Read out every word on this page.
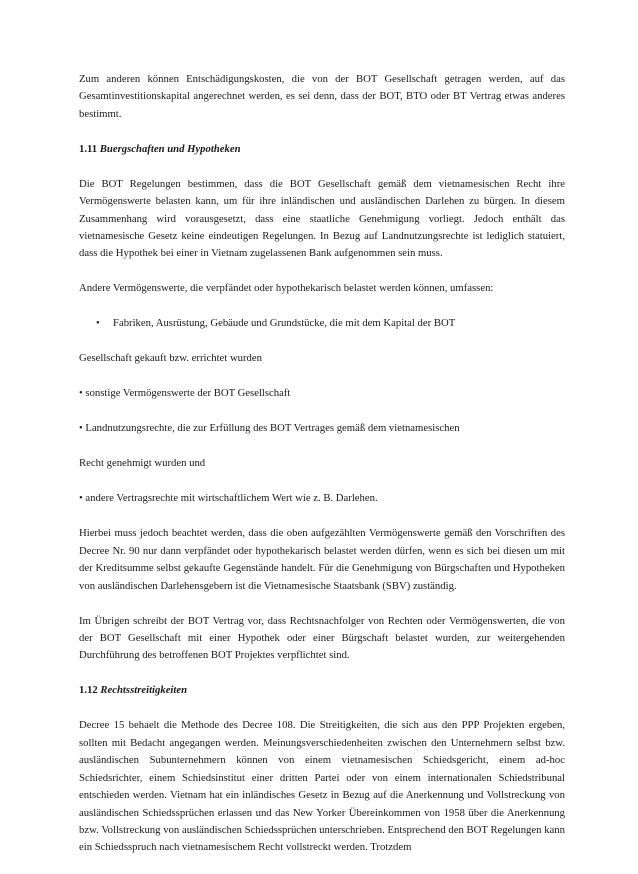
Zum anderen können Entschädigungskosten, die von der BOT Gesellschaft getragen werden, auf das Gesamtinvestitionskapital angerechnet werden, es sei denn, dass der BOT, BTO oder BT Vertrag etwas anderes bestimmt.

1.11 Buergschaften und Hypotheken

Die BOT Regelungen bestimmen, dass die BOT Gesellschaft gemäß dem vietnamesischen Recht ihre Vermögenswerte belasten kann, um für ihre inländischen und ausländischen Darlehen zu bürgen. In diesem Zusammenhang wird vorausgesetzt, dass eine staatliche Genehmigung vorliegt. Jedoch enthält das vietnamesische Gesetz keine eindeutigen Regelungen. In Bezug auf Landnutzungsrechte ist lediglich statuiert, dass die Hypothek bei einer in Vietnam zugelassenen Bank aufgenommen sein muss.

Andere Vermögenswerte, die verpfändet oder hypothekarisch belastet werden können, umfassen:

•	Fabriken, Ausrüstung, Gebäude und Grundstücke, die mit dem Kapital der BOT
Gesellschaft gekauft bzw. errichtet wurden
• sonstige Vermögenswerte der BOT Gesellschaft
• Landnutzungsrechte, die zur Erfüllung des BOT Vertrages gemäß dem vietnamesischen
Recht genehmigt wurden und
• andere Vertragsrechte mit wirtschaftlichem Wert wie z. B. Darlehen.

Hierbei muss jedoch beachtet werden, dass die oben aufgezählten Vermögenswerte gemäß den Vorschriften des Decree Nr. 90 nur dann verpfändet oder hypothekarisch belastet werden dürfen, wenn es sich bei diesen um mit der Kreditsumme selbst gekaufte Gegenstände handelt. Für die Genehmigung von Bürgschaften und Hypotheken von ausländischen Darlehensgebern ist die Vietnamesische Staatsbank (SBV) zuständig.

Im Übrigen schreibt der BOT Vertrag vor, dass Rechtsnachfolger von Rechten oder Vermögenswerten, die von der BOT Gesellschaft mit einer Hypothek oder einer Bürgschaft belastet wurden, zur weitergehenden Durchführung des betroffenen BOT Projektes verpflichtet sind.

1.12 Rechtsstreitigkeiten

Decree 15 behaelt die Methode des Decree 108. Die Streitigkeiten, die sich aus den PPP Projekten ergeben, sollten mit Bedacht angegangen werden. Meinungsverschiedenheiten zwischen den Unternehmern selbst bzw. ausländischen Subunternehmern können von einem vietnamesischen Schiedsgericht, einem ad-hoc Schiedsrichter, einem Schiedsinstitut einer dritten Partei oder von einem internationalen Schiedstribunal entschieden werden. Vietnam hat ein inländisches Gesetz in Bezug auf die Anerkennung und Vollstreckung von ausländischen Schiedssprüchen erlassen und das New Yorker Übereinkommen von 1958 über die Anerkennung bzw. Vollstreckung von ausländischen Schiedssprüchen unterschrieben. Entsprechend den BOT Regelungen kann ein Schiedsspruch nach vietnamesischem Recht vollstreckt werden. Trotzdem
